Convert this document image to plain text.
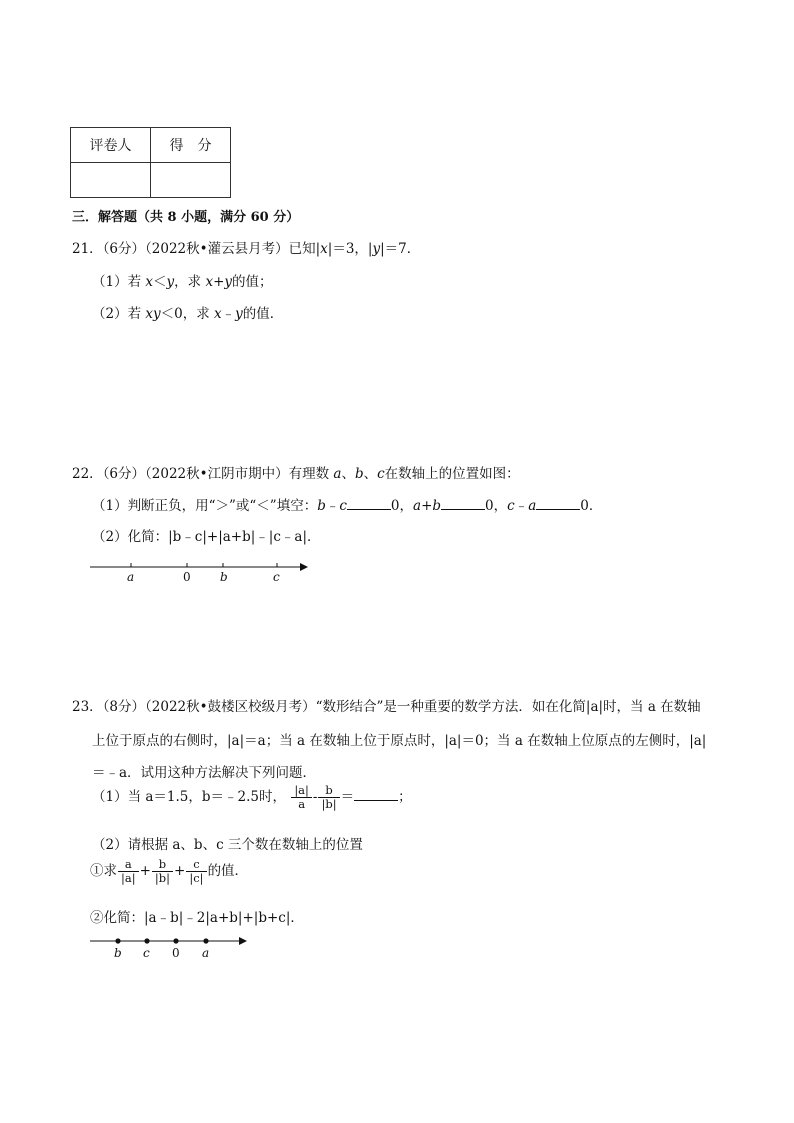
评卷人	得　分

三．解答题（共 8 小题，满分 60 分）
21．（6分）（2022秋•灌云县月考）已知|x|＝3，|y|＝7．
（1）若 x＜y，求 x+y的值；
（2）若 xy＜0，求 x﹣y的值．
22．（6分）（2022秋•江阴市期中）有理数 a、b、c在数轴上的位置如图：
（1）判断正负，用“＞”或“＜”填空：b﹣c	0，a+b	0，c﹣a	0．
（2）化简：|b﹣c|+|a+b|﹣|c﹣a|．
a	0 b	c
23．（8分）（2022秋•鼓楼区校级月考）“数形结合”是一种重要的数学方法．如在化简|a|时，当 a 在数轴
上位于原点的右侧时，|a|＝a；当 a 在数轴上位于原点时，|a|＝0；当 a 在数轴上位原点的左侧时，|a|
＝﹣a．试用这种方法解决下列问题．
（1）当 a＝1.5，b＝﹣2.5时， $\frac{|a|}{a} - \frac{b}{|b|}$ ＝	；
（2）请根据 a、b、c 三个数在数轴上的位置
①求 $\frac{a}{|a|} + \frac{b}{|b|} + \frac{c}{|c|}$ 的值．
②化简：|a﹣b|﹣2|a+b|+|b+c|．
b c 0 a
